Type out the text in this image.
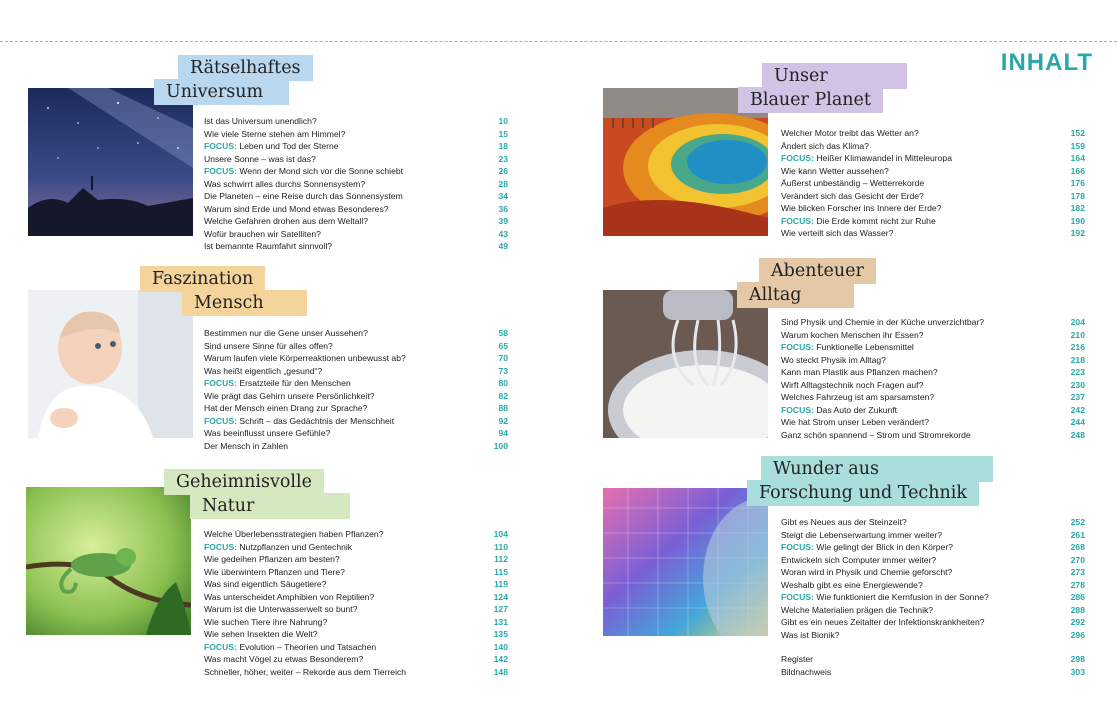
INHALT
Rätselhaftes
Universum
Ist das Universum unendlich?	10
Wie viele Sterne stehen am Himmel?	15
FOCUS: Leben und Tod der Sterne	18
Unsere Sonne – was ist das?	23
FOCUS: Wenn der Mond sich vor die Sonne schiebt	26
Was schwirrt alles durchs Sonnensystem?	28
Die Planeten – eine Reise durch das Sonnensystem	34
Warum sind Erde und Mond etwas Besonderes?	36
Welche Gefahren drohen aus dem Weltall?	39
Wofür brauchen wir Satelliten?	43
Ist bemannte Raumfahrt sinnvoll?	49
Faszination
Mensch
Bestimmen nur die Gene unser Aussehen?	58
Sind unsere Sinne für alles offen?	65
Warum laufen viele Körperreaktionen unbewusst ab?	70
Was heißt eigentlich „gesund“?	73
FOCUS: Ersatzteile für den Menschen	80
Wie prägt das Gehirn unsere Persönlichkeit?	82
Hat der Mensch einen Drang zur Sprache?	88
FOCUS: Schrift – das Gedächtnis der Menschheit	92
Was beeinflusst unsere Gefühle?	94
Der Mensch in Zahlen	100
Geheimnisvolle
Natur
Welche Überlebensstrategien haben Pflanzen?	104
FOCUS: Nutzpflanzen und Gentechnik	110
Wie gedeihen Pflanzen am besten?	112
Wie überwintern Pflanzen und Tiere?	115
Was sind eigentlich Säugetiere?	119
Was unterscheidet Amphibien von Reptilien?	124
Warum ist die Unterwasserwelt so bunt?	127
Wie suchen Tiere ihre Nahrung?	131
Wie sehen Insekten die Welt?	135
FOCUS: Evolution – Theorien und Tatsachen	140
Was macht Vögel zu etwas Besonderem?	142
Schneller, höher, weiter – Rekorde aus dem Tierreich	148
Unser
Blauer Planet
Welcher Motor treibt das Wetter an?	152
Ändert sich das Klima?	159
FOCUS: Heißer Klimawandel in Mitteleuropa	164
Wie kann Wetter aussehen?	166
Äußerst unbeständig – Wetterrekorde	176
Verändert sich das Gesicht der Erde?	178
Wie blicken Forscher ins Innere der Erde?	182
FOCUS: Die Erde kommt nicht zur Ruhe	190
Wie verteilt sich das Wasser?	192
Abenteuer
Alltag
Sind Physik und Chemie in der Küche unverzichtbar?	204
Warum kochen Menschen ihr Essen?	210
FOCUS: Funktionelle Lebensmittel	216
Wo steckt Physik im Alltag?	218
Kann man Plastik aus Pflanzen machen?	223
Wirft Alltagstechnik noch Fragen auf?	230
Welches Fahrzeug ist am sparsamsten?	237
FOCUS: Das Auto der Zukunft	242
Wie hat Strom unser Leben verändert?	244
Ganz schön spannend – Strom und Stromrekorde	248
Wunder aus
Forschung und Technik
Gibt es Neues aus der Steinzeit?	252
Steigt die Lebenserwartung immer weiter?	261
FOCUS: Wie gelingt der Blick in den Körper?	268
Entwickeln sich Computer immer weiter?	270
Woran wird in Physik und Chemie geforscht?	273
Weshalb gibt es eine Energiewende?	278
FOCUS: Wie funktioniert die Kernfusion in der Sonne?	286
Welche Materialien prägen die Technik?	288
Gibt es ein neues Zeitalter der Infektionskrankheiten?	292
Was ist Bionik?	296
Register	298
Bildnachweis	303
